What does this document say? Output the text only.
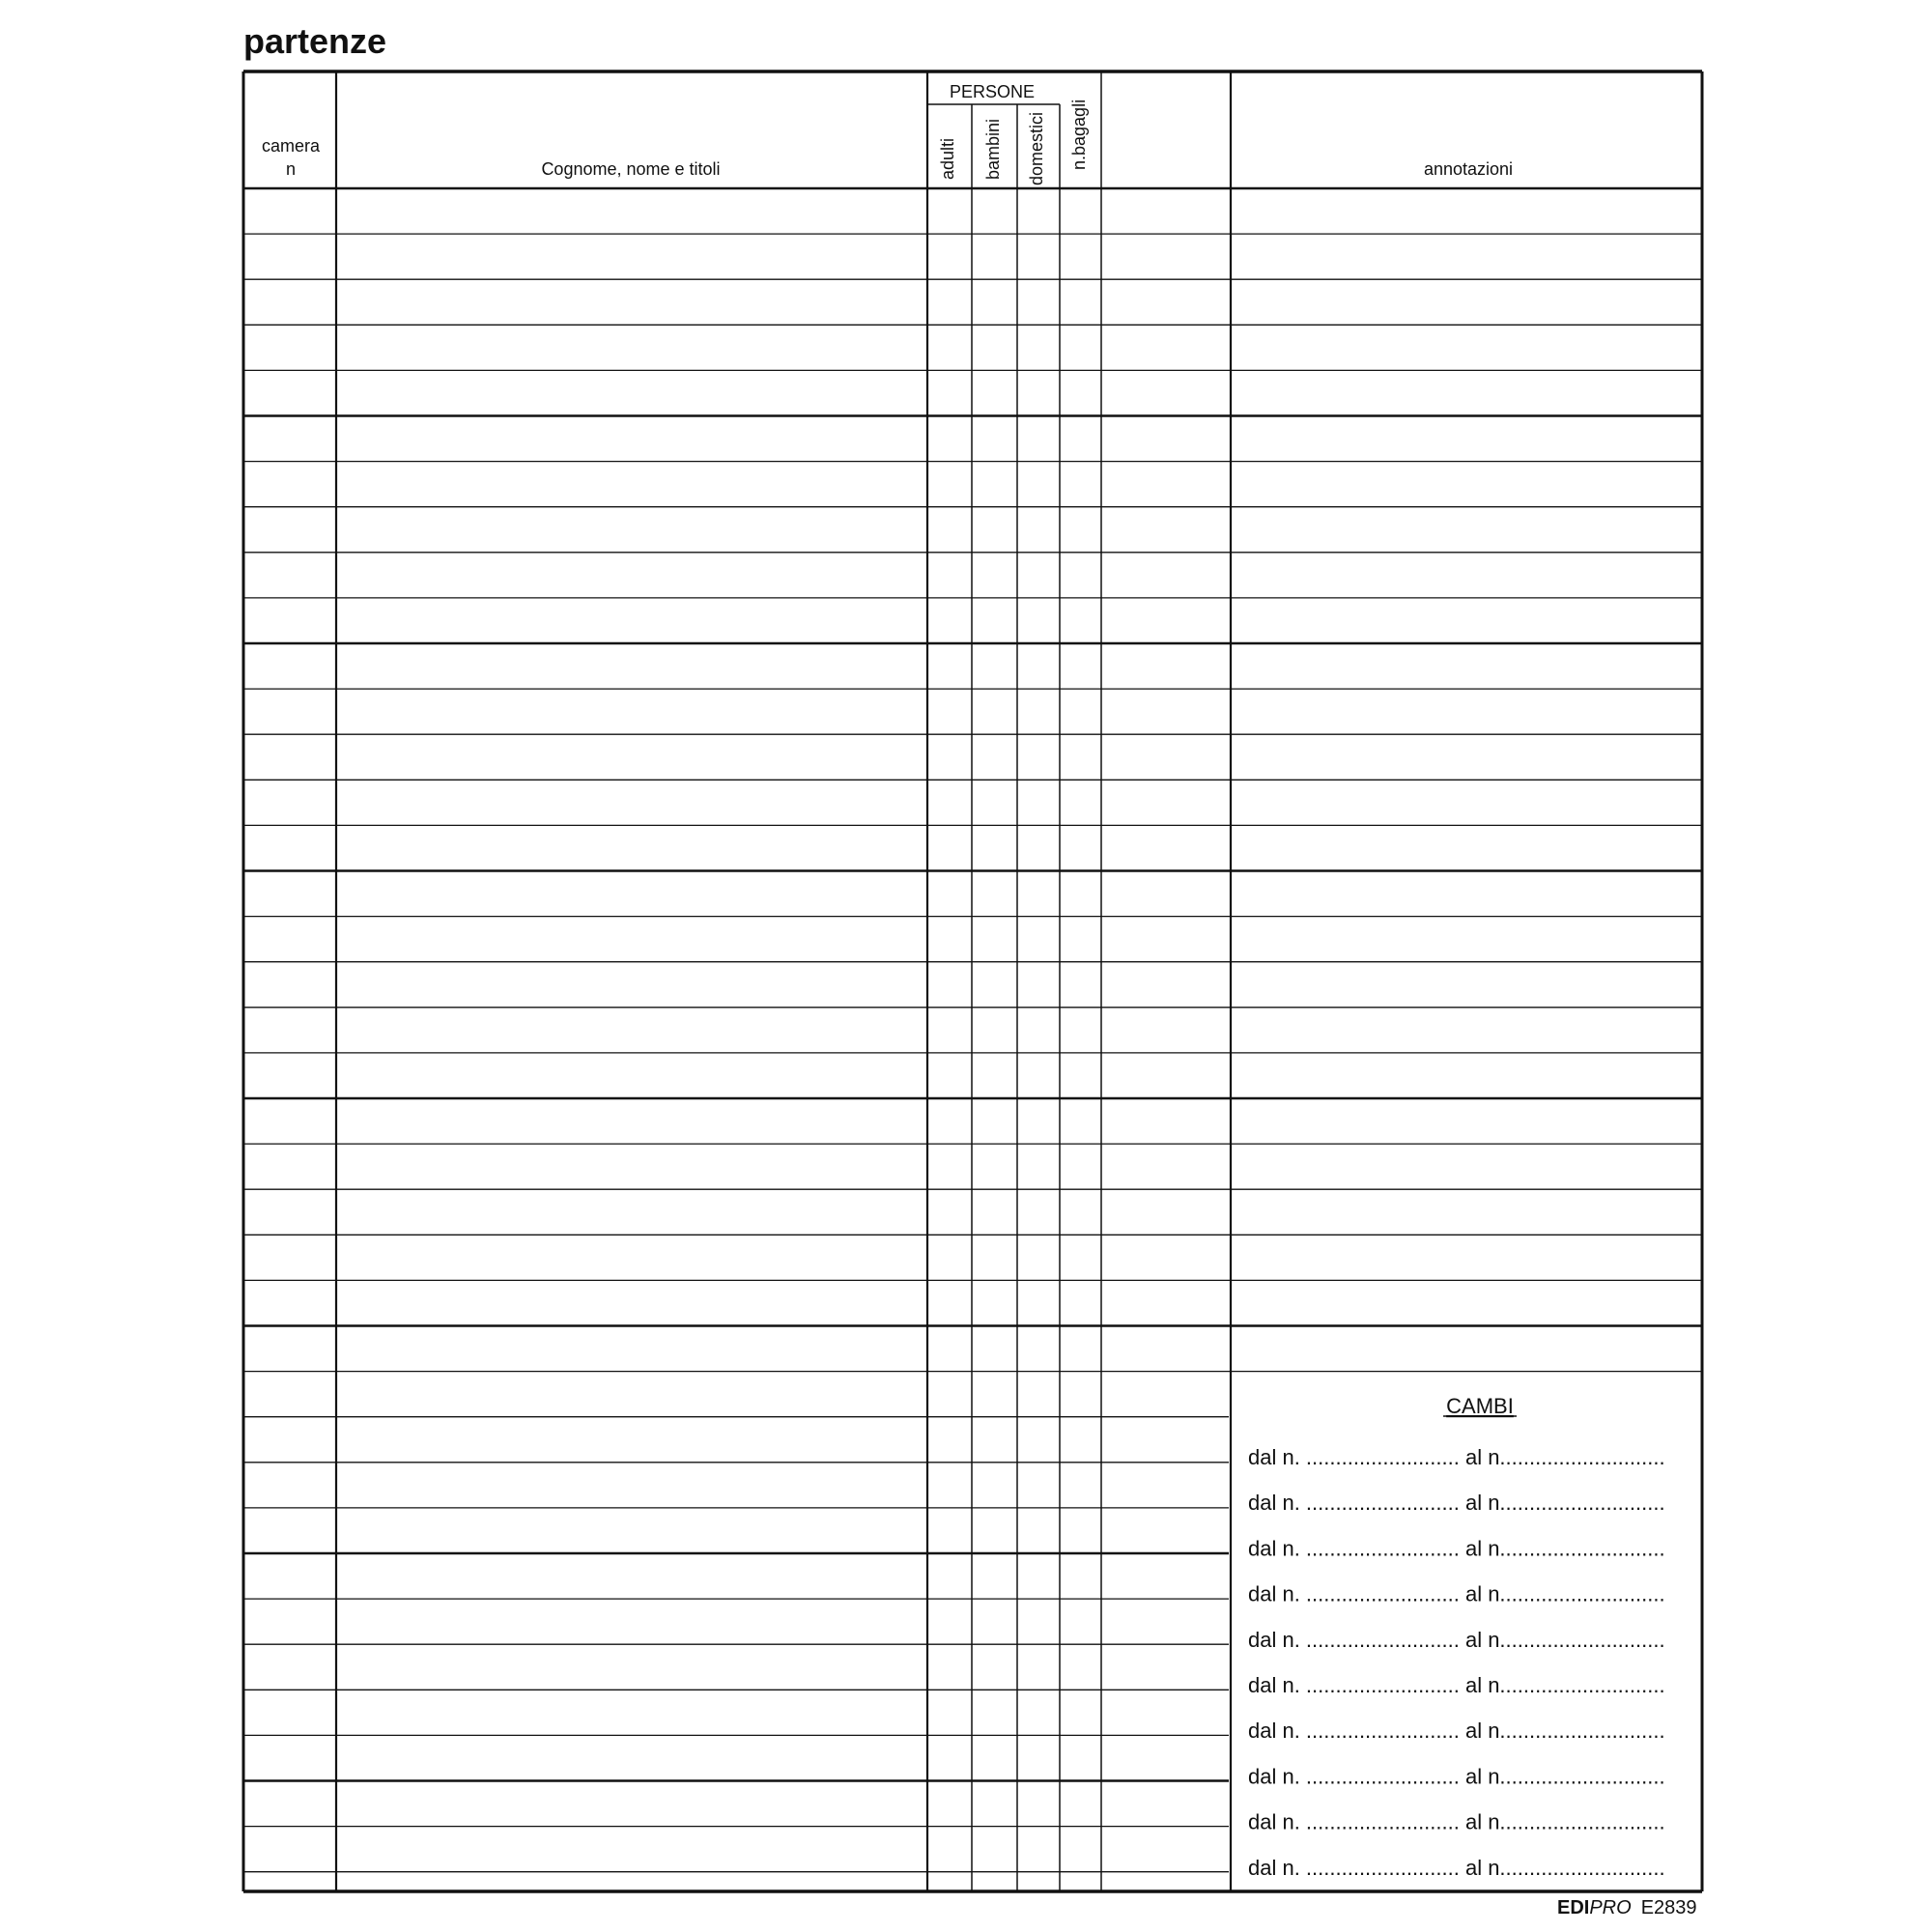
partenze
camera
n	Cognome, nome e titoli
PERSONE
adulti bambini domestici n.bagagli	annotazioni
CAMBI
dal n. .......................... al n............................
dal n. .......................... al n............................
dal n. .......................... al n............................
dal n. .......................... al n............................
dal n. .......................... al n............................
dal n. .......................... al n............................
dal n. .......................... al n............................
dal n. .......................... al n............................
dal n. .......................... al n............................
dal n. .......................... al n............................
EDIPRO E2839
